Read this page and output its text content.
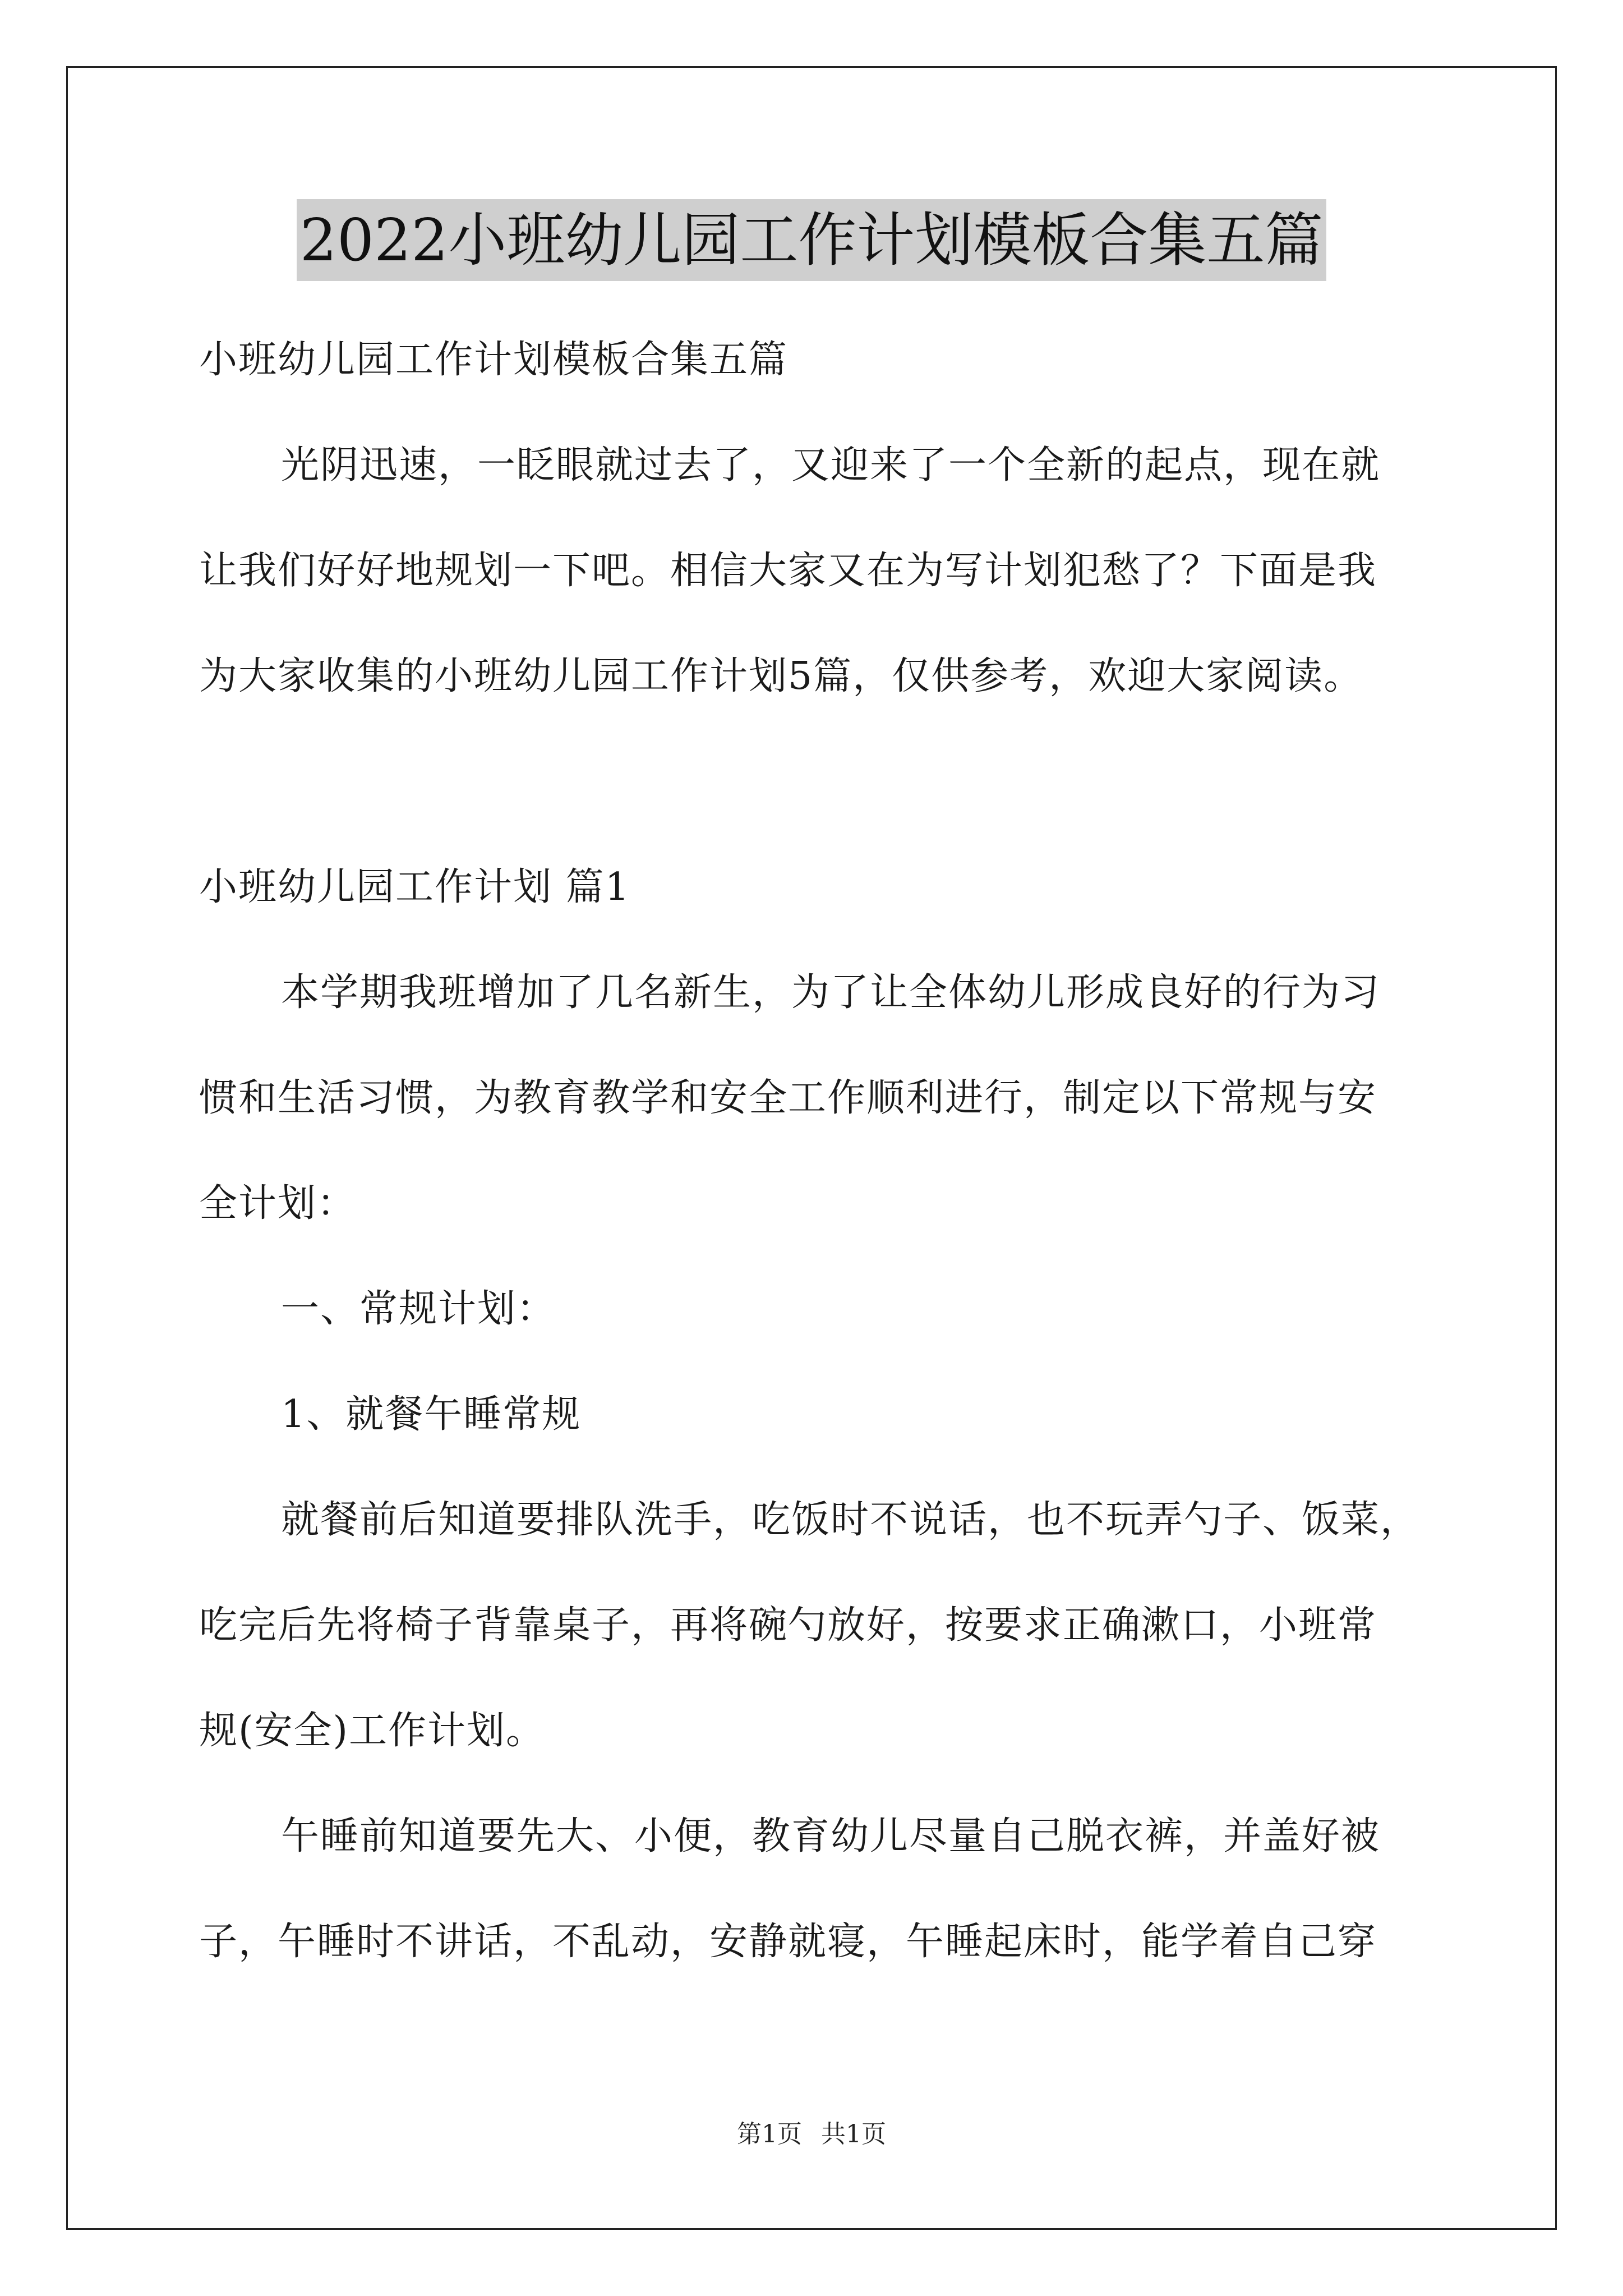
2022小班幼儿园工作计划模板合集五篇
小班幼儿园工作计划模板合集五篇
光阴迅速，一眨眼就过去了，又迎来了一个全新的起点，现在就
让我们好好地规划一下吧。相信大家又在为写计划犯愁了？下面是我
为大家收集的小班幼儿园工作计划5篇，仅供参考，欢迎大家阅读。
小班幼儿园工作计划 篇1
本学期我班增加了几名新生，为了让全体幼儿形成良好的行为习
惯和生活习惯，为教育教学和安全工作顺利进行，制定以下常规与安
全计划：
一、常规计划：
1、就餐午睡常规
就餐前后知道要排队洗手，吃饭时不说话，也不玩弄勺子、饭菜，
吃完后先将椅子背靠桌子，再将碗勺放好，按要求正确漱口，小班常
规(安全)工作计划。
午睡前知道要先大、小便，教育幼儿尽量自己脱衣裤，并盖好被
子，午睡时不讲话，不乱动，安静就寝，午睡起床时，能学着自己穿
第1页 共1页
